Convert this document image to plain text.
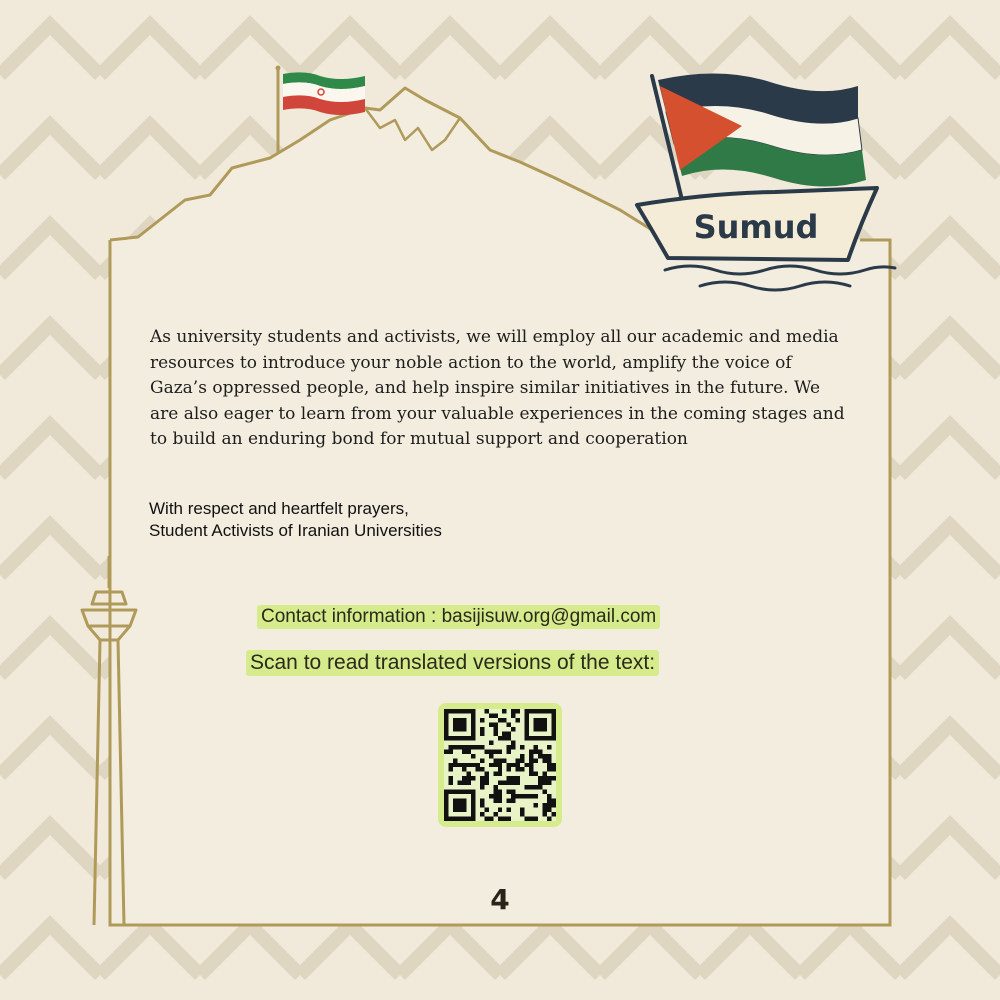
Sumud

As university students and activists, we will employ all our academic and media resources to introduce your noble action to the world, amplify the voice of Gaza’s oppressed people, and help inspire similar initiatives in the future. We are also eager to learn from your valuable experiences in the coming stages and to build an enduring bond for mutual support and cooperation

With respect and heartfelt prayers,
Student Activists of Iranian Universities
Contact information : basijisuw.org@gmail.com
Scan to read translated versions of the text:
4
